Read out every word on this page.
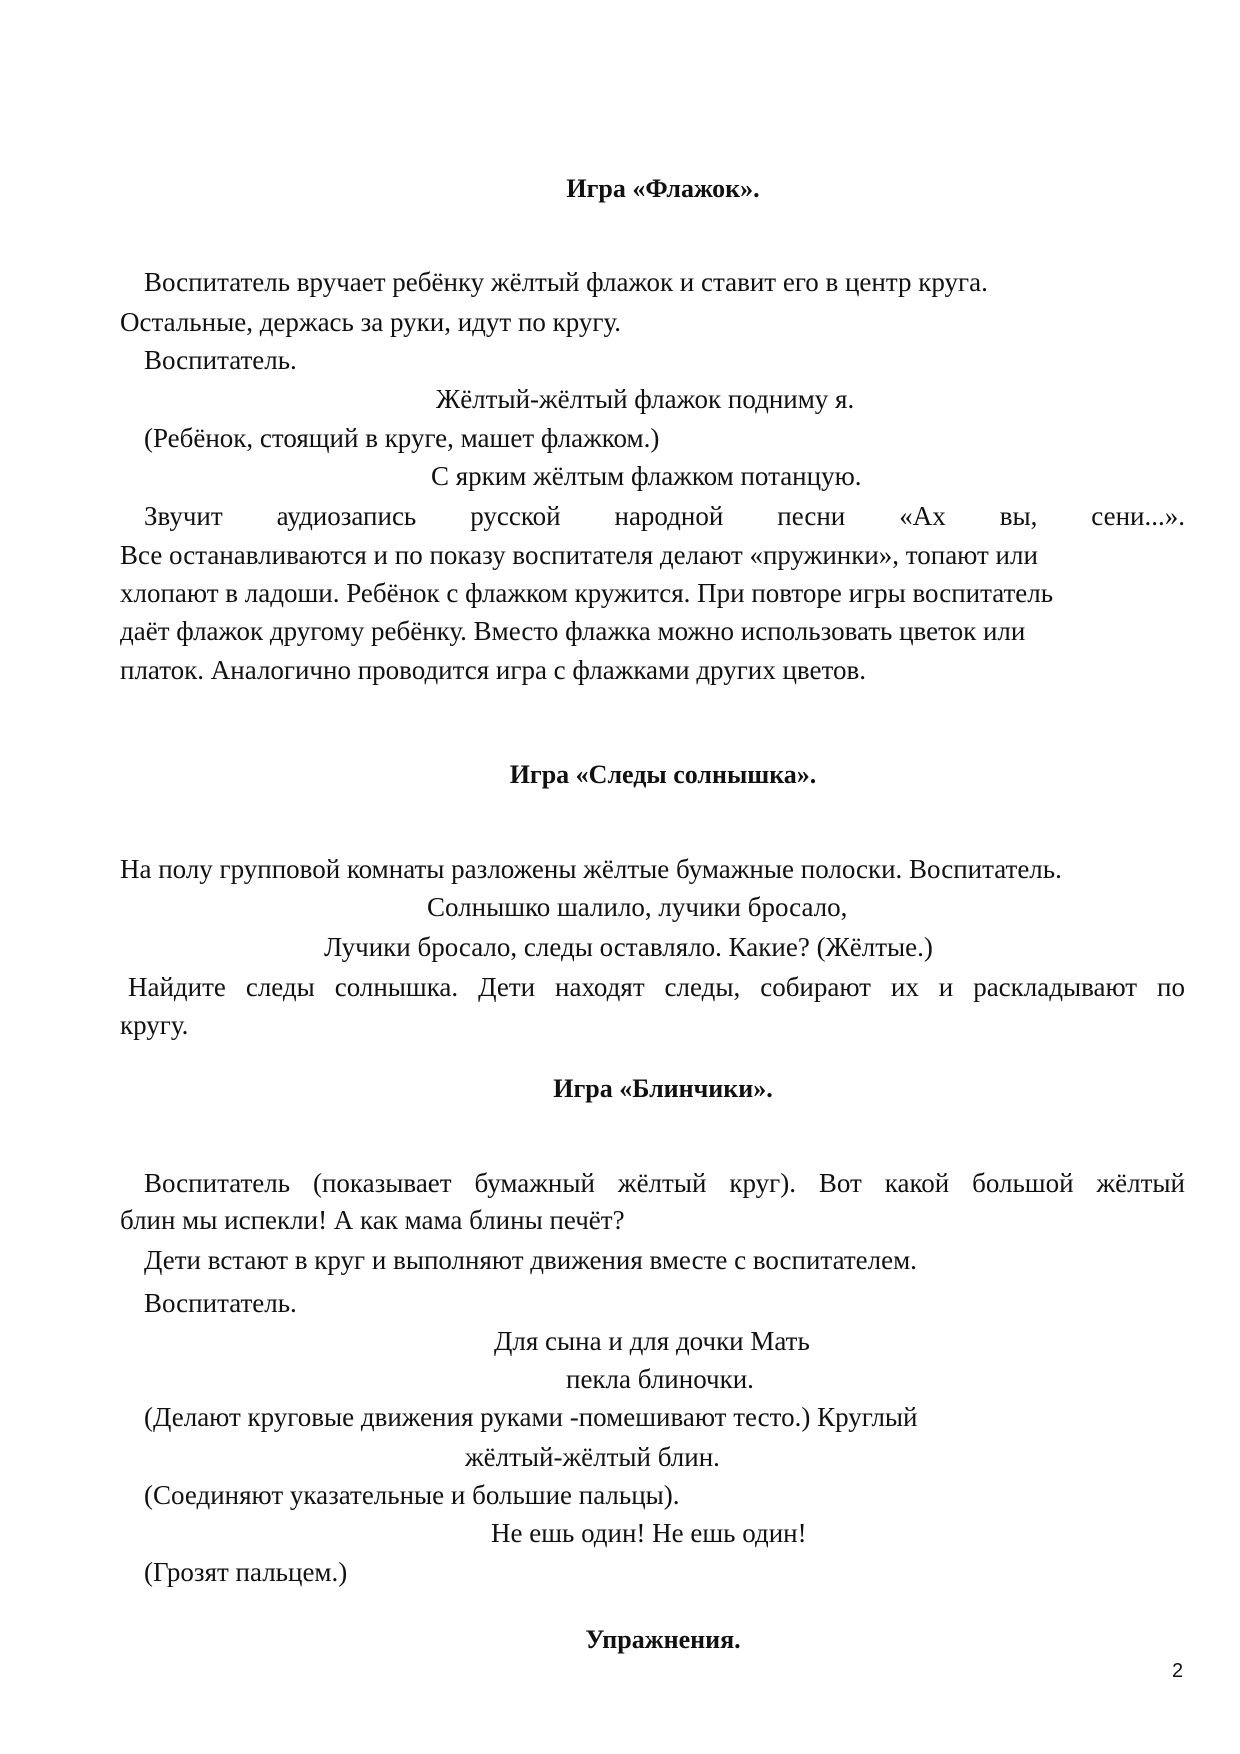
Игра «Флажок».
Воспитатель вручает ребёнку жёлтый флажок и ставит его в центр круга.
Остальные, держась за руки, идут по кругу.
Воспитатель.
Жёлтый-жёлтый флажок подниму я.
(Ребёнок, стоящий в круге, машет флажком.)
С ярким жёлтым флажком потанцую.
Звучит аудиозапись русской народной песни «Ах вы, сени...».
Все останавливаются и по показу воспитателя делают «пружинки», топают или
хлопают в ладоши. Ребёнок с флажком кружится. При повторе игры воспитатель
даёт флажок другому ребёнку. Вместо флажка можно использовать цветок или
платок. Аналогично проводится игра с флажками других цветов.
Игра «Следы солнышка».
На полу групповой комнаты разложены жёлтые бумажные полоски. Воспитатель.
Солнышко шалило, лучики бросало,
Лучики бросало, следы оставляло. Какие? (Жёлтые.)
Найдите следы солнышка. Дети находят следы, собирают их и раскладывают по
кругу.
Игра «Блинчики».
Воспитатель (показывает бумажный жёлтый круг). Вот какой большой жёлтый
блин мы испекли! А как мама блины печёт?
Дети встают в круг и выполняют движения вместе с воспитателем.
Воспитатель.
Для сына и для дочки Мать
пекла блиночки.
(Делают круговые движения руками -помешивают тесто.) Круглый
жёлтый-жёлтый блин.
(Соединяют указательные и большие пальцы).
Не ешь один! Не ешь один!
(Грозят пальцем.)
Упражнения.
2
